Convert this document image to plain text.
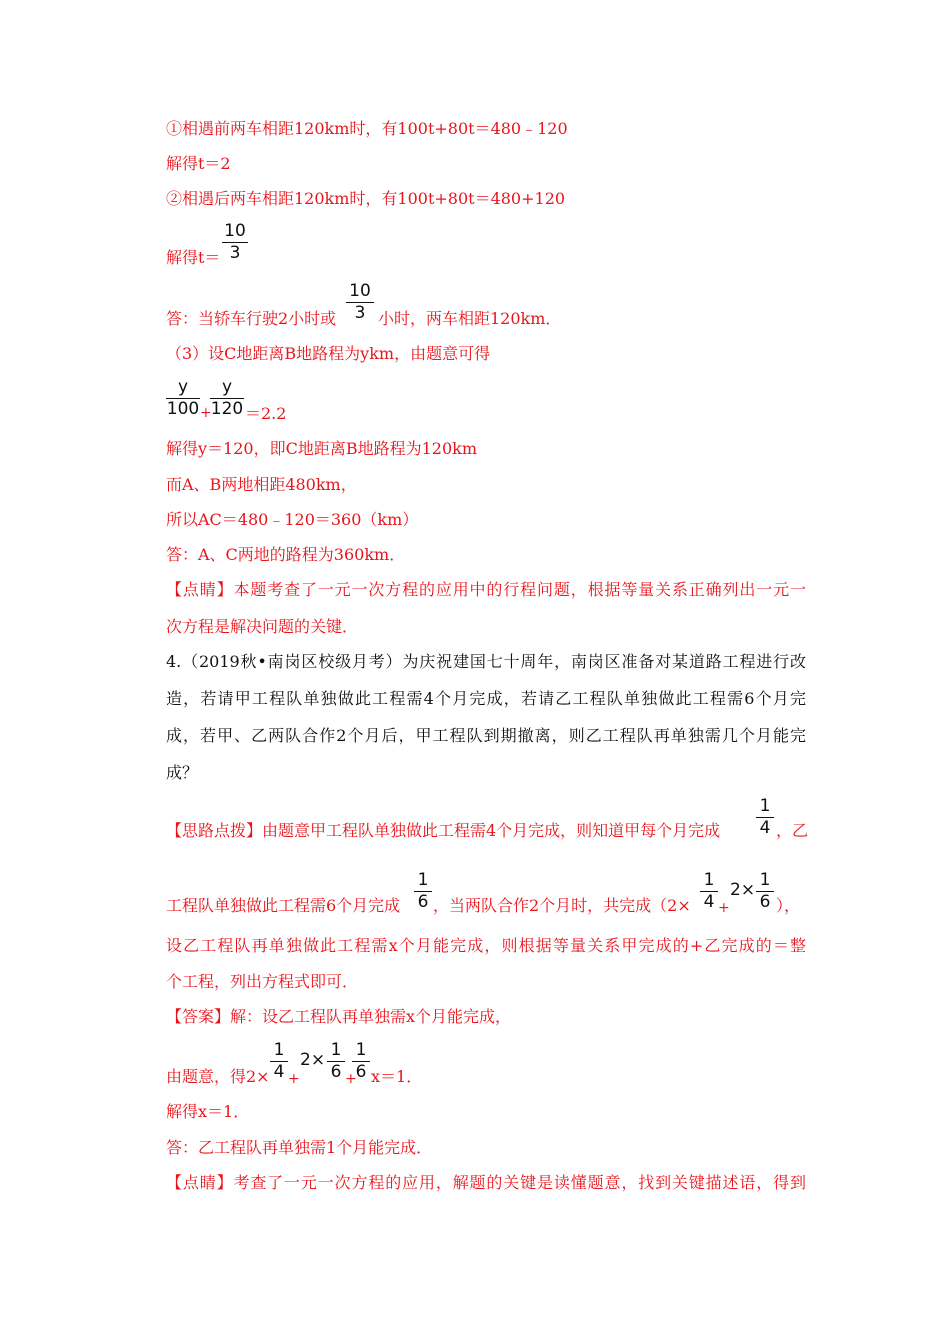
①相遇前两车相距120km时，有100t+80t＝480﹣120
解得t＝2
②相遇后两车相距120km时，有100t+80t＝480+120
解得t＝
10
3
答：当轿车行驶2小时或
10
3 小时，两车相距120km．
（3）设C地距离B地路程为ykm，由题意可得
y
100 +
y
120 ＝2.2
解得y＝120，即C地距离B地路程为120km
而A、B两地相距480km，
所以AC＝480﹣120＝360（km）
答：A、C两地的路程为360km．
【点睛】本题考查了一元一次方程的应用中的行程问题，根据等量关系正确列出一元一
次方程是解决问题的关键．
4.（2019秋•南岗区校级月考）为庆祝建国七十周年，南岗区准备对某道路工程进行改
造，若请甲工程队单独做此工程需4个月完成，若请乙工程队单独做此工程需6个月完
成，若甲、乙两队合作2个月后，甲工程队到期撤离，则乙工程队再单独需几个月能完
成？
【思路点拨】由题意甲工程队单独做此工程需4个月完成，则知道甲每个月完成
1
4 ，乙
工程队单独做此工程需6个月完成
1
6 ，当两队合作2个月时，共完成（2×
1
4 +
2× 1
6 ），
设乙工程队再单独做此工程需x个月能完成，则根据等量关系甲完成的+乙完成的＝整
个工程，列出方程式即可．
【答案】解：设乙工程队再单独需x个月能完成，
由题意，得2×
1
4 +
2× 1
6 +
1
6 x＝1．
解得x＝1．
答：乙工程队再单独需1个月能完成．
【点睛】考查了一元一次方程的应用，解题的关键是读懂题意，找到关键描述语，得到
